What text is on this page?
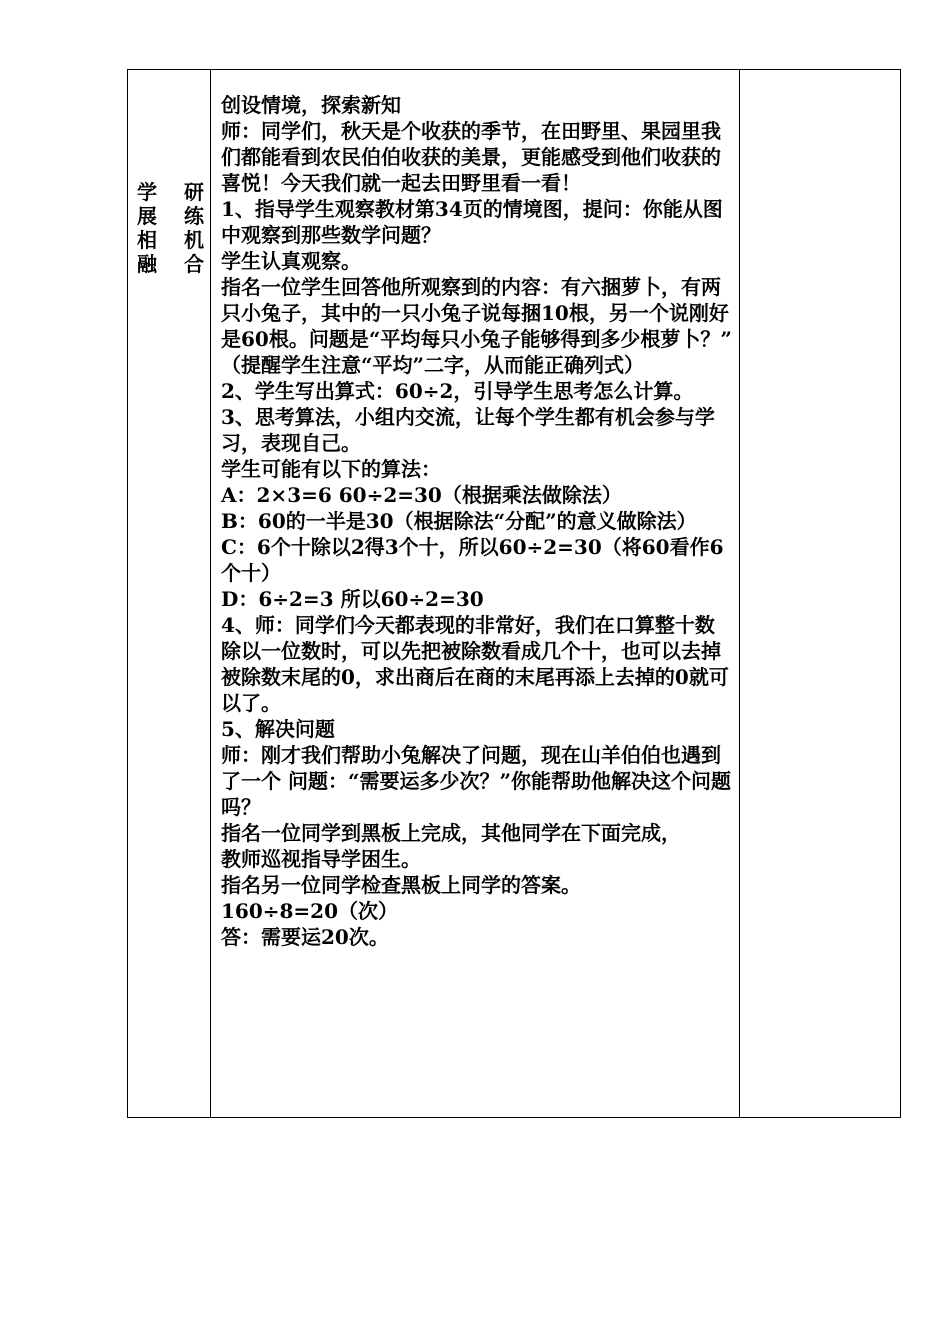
学 研
展 练
相 机
融 合

创设情境，探索新知

师：同学们，秋天是个收获的季节，在田野里、果园里我们都能看到农民伯伯收获的美景，更能感受到他们收获的喜悦！今天我们就一起去田野里看一看！

1、指导学生观察教材第34页的情境图，提问：你能从图中观察到那些数学问题？

学生认真观察。

指名一位学生回答他所观察到的内容：有六捆萝卜，有两只小兔子，其中的一只小兔子说每捆10根，另一个说刚好是60根。问题是“平均每只小兔子能够得到多少根萝卜？”

（提醒学生注意“平均”二字，从而能正确列式）

2、学生写出算式：60÷2，引导学生思考怎么计算。

3、思考算法，小组内交流，让每个学生都有机会参与学习，表现自己。

学生可能有以下的算法：

A：2×3=6 60÷2=30（根据乘法做除法）

B：60的一半是30（根据除法“分配”的意义做除法）

C：6个十除以2得3个十，所以60÷2=30（将60看作6个十）

D：6÷2=3 所以60÷2=30

4、师：同学们今天都表现的非常好，我们在口算整十数除以一位数时，可以先把被除数看成几个十，也可以去掉被除数末尾的0，求出商后在商的末尾再添上去掉的0就可以了。

5、解决问题

师：刚才我们帮助小兔解决了问题，现在山羊伯伯也遇到了一个 问题：“需要运多少次？”你能帮助他解决这个问题吗？

指名一位同学到黑板上完成，其他同学在下面完成，

教师巡视指导学困生。

指名另一位同学检查黑板上同学的答案。

160÷8=20（次）

答：需要运20次。
